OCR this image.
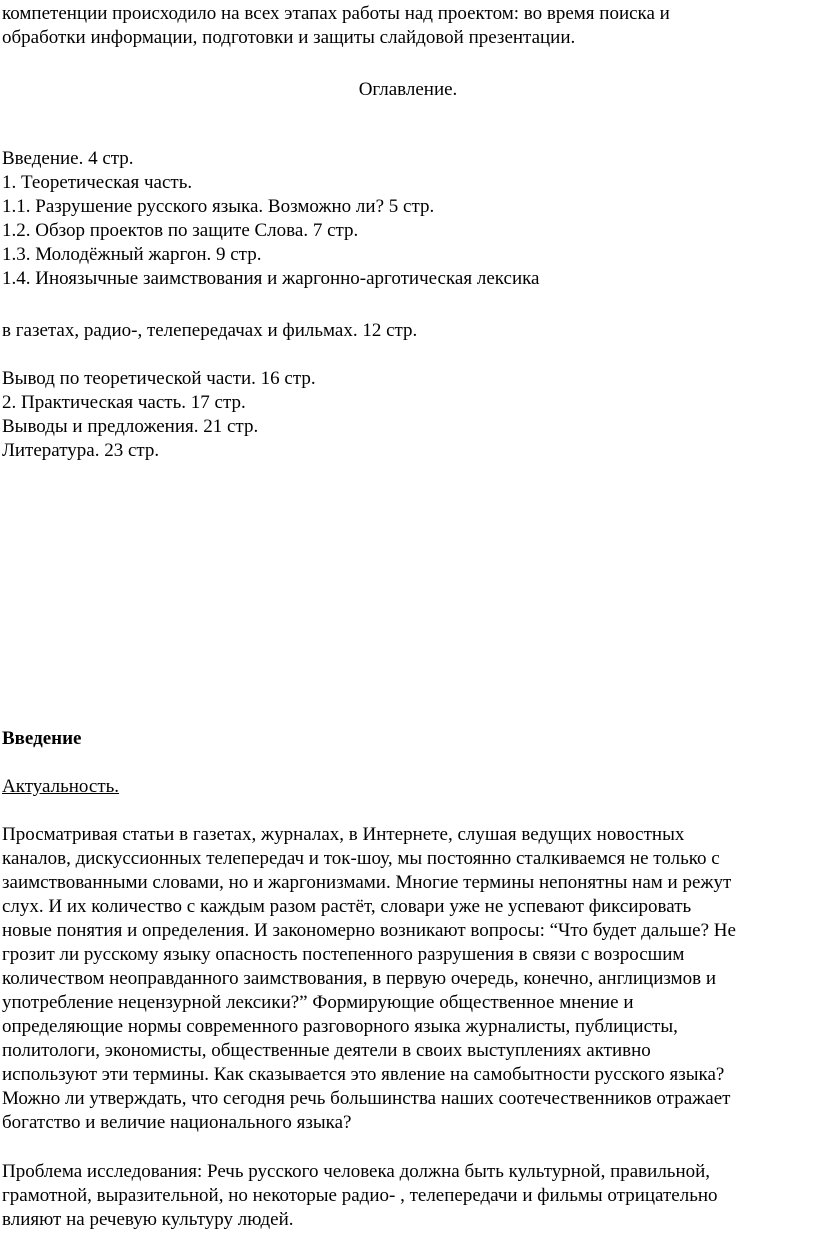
компетенции происходило на всех этапах работы над проектом: во время поиска и
обработки информации, подготовки и защиты слайдовой презентации.
Оглавление.
Введение. 4 стр.
1. Теоретическая часть.
1.1. Разрушение русского языка. Возможно ли? 5 стр.
1.2. Обзор проектов по защите Слова. 7 стр.
1.3. Молодёжный жаргон. 9 стр.
1.4. Иноязычные заимствования и жаргонно-арготическая лексика
в газетах, радио-, телепередачах и фильмах. 12 стр.
Вывод по теоретической части. 16 стр.
2. Практическая часть. 17 стр.
Выводы и предложения. 21 стр.
Литература. 23 стр.
Введение
Актуальность.
Просматривая статьи в газетах, журналах, в Интернете, слушая ведущих новостных
каналов, дискуссионных телепередач и ток-шоу, мы постоянно сталкиваемся не только с
заимствованными словами, но и жаргонизмами. Многие термины непонятны нам и режут
слух. И их количество с каждым разом растёт, словари уже не успевают фиксировать
новые понятия и определения. И закономерно возникают вопросы: “Что будет дальше? Не
грозит ли русскому языку опасность постепенного разрушения в связи с возросшим
количеством неоправданного заимствования, в первую очередь, конечно, англицизмов и
употребление нецензурной лексики?” Формирующие общественное мнение и
определяющие нормы современного разговорного языка журналисты, публицисты,
политологи, экономисты, общественные деятели в своих выступлениях активно
используют эти термины. Как сказывается это явление на самобытности русского языка?
Можно ли утверждать, что сегодня речь большинства наших соотечественников отражает
богатство и величие национального языка?
Проблема исследования: Речь русского человека должна быть культурной, правильной,
грамотной, выразительной, но некоторые радио- , телепередачи и фильмы отрицательно
влияют на речевую культуру людей.
